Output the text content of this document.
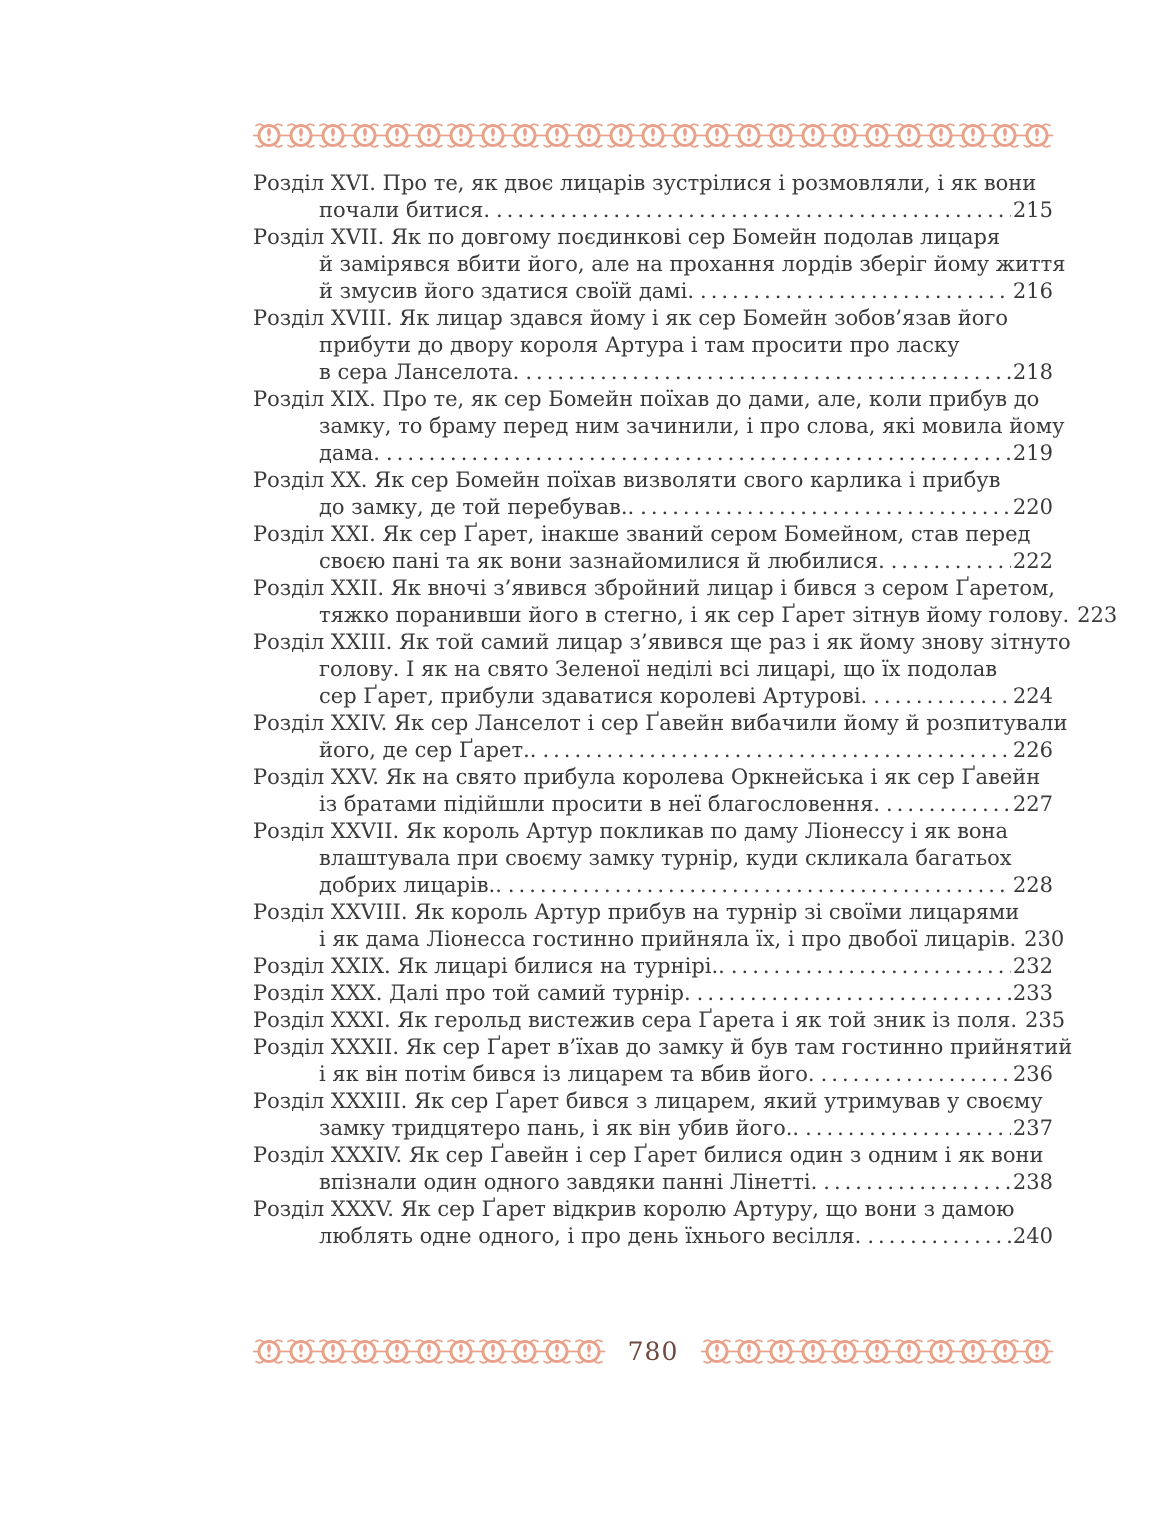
Розділ XVI. Про те, як двоє лицарів зустрілися і розмовляли, і як вони
почали битися. .....	215
Розділ XVII. Як по довгому поєдинкові сер Бомейн подолав лицаря
й замірявся вбити його, але на прохання лордів зберіг йому життя
й змусив його здатися своїй дамі. .....	216
Розділ XVIII. Як лицар здався йому і як сер Бомейн зобов’язав його
прибути до двору короля Артура і там просити про ласку
в сера Ланселота. .....	218
Розділ XIX. Про те, як сер Бомейн поїхав до дами, але, коли прибув до
замку, то браму перед ним зачинили, і про слова, які мовила йому
дама. .....	219
Розділ XX. Як сер Бомейн поїхав визволяти свого карлика і прибув
до замку, де той перебував.. .....	220
Розділ XXI. Як сер Ґарет, інакше званий сером Бомейном, став перед
своєю пані та як вони зазнайомилися й любилися. .....	222
Розділ XXII. Як вночі з’явився збройний лицар і бився з сером Ґаретом,
тяжко поранивши його в стегно, і як сер Ґарет зітнув йому голову. 223
Розділ XXIII. Як той самий лицар з’явився ще раз і як йому знову зітнуто
голову. І як на свято Зеленої неділі всі лицарі, що їх подолав
сер Ґарет, прибули здаватися королеві Артурові. .....	224
Розділ XXIV. Як сер Ланселот і сер Ґавейн вибачили йому й розпитували
його, де сер Ґарет.. .....	226
Розділ XXV. Як на свято прибула королева Оркнейська і як сер Ґавейн
із братами підійшли просити в неї благословення. .....	227
Розділ XXVII. Як король Артур покликав по даму Ліонессу і як вона
влаштувала при своєму замку турнір, куди скликала багатьох
добрих лицарів.. .....	228
Розділ XXVIII. Як король Артур прибув на турнір зі своїми лицарями
і як дама Ліонесса гостинно прийняла їх, і про двобої лицарів. 230
Розділ XXIX. Як лицарі билися на турнірі.. .....	232
Розділ XXX. Далі про той самий турнір. .....	233
Розділ XXXI. Як герольд вистежив сера Ґарета і як той зник із поля. 235
Розділ XXXII. Як сер Ґарет в’їхав до замку й був там гостинно прийнятий
і як він потім бився із лицарем та вбив його. .....	236
Розділ XXXIII. Як сер Ґарет бився з лицарем, який утримував у своєму
замку тридцятеро пань, і як він убив його.. .....	237
Розділ XXXIV. Як сер Ґавейн і сер Ґарет билися один з одним і як вони
впізнали один одного завдяки панні Лінетті. .....	238
Розділ XXXV. Як сер Ґарет відкрив королю Артуру, що вони з дамою
люблять одне одного, і про день їхнього весілля. .....	240
780
